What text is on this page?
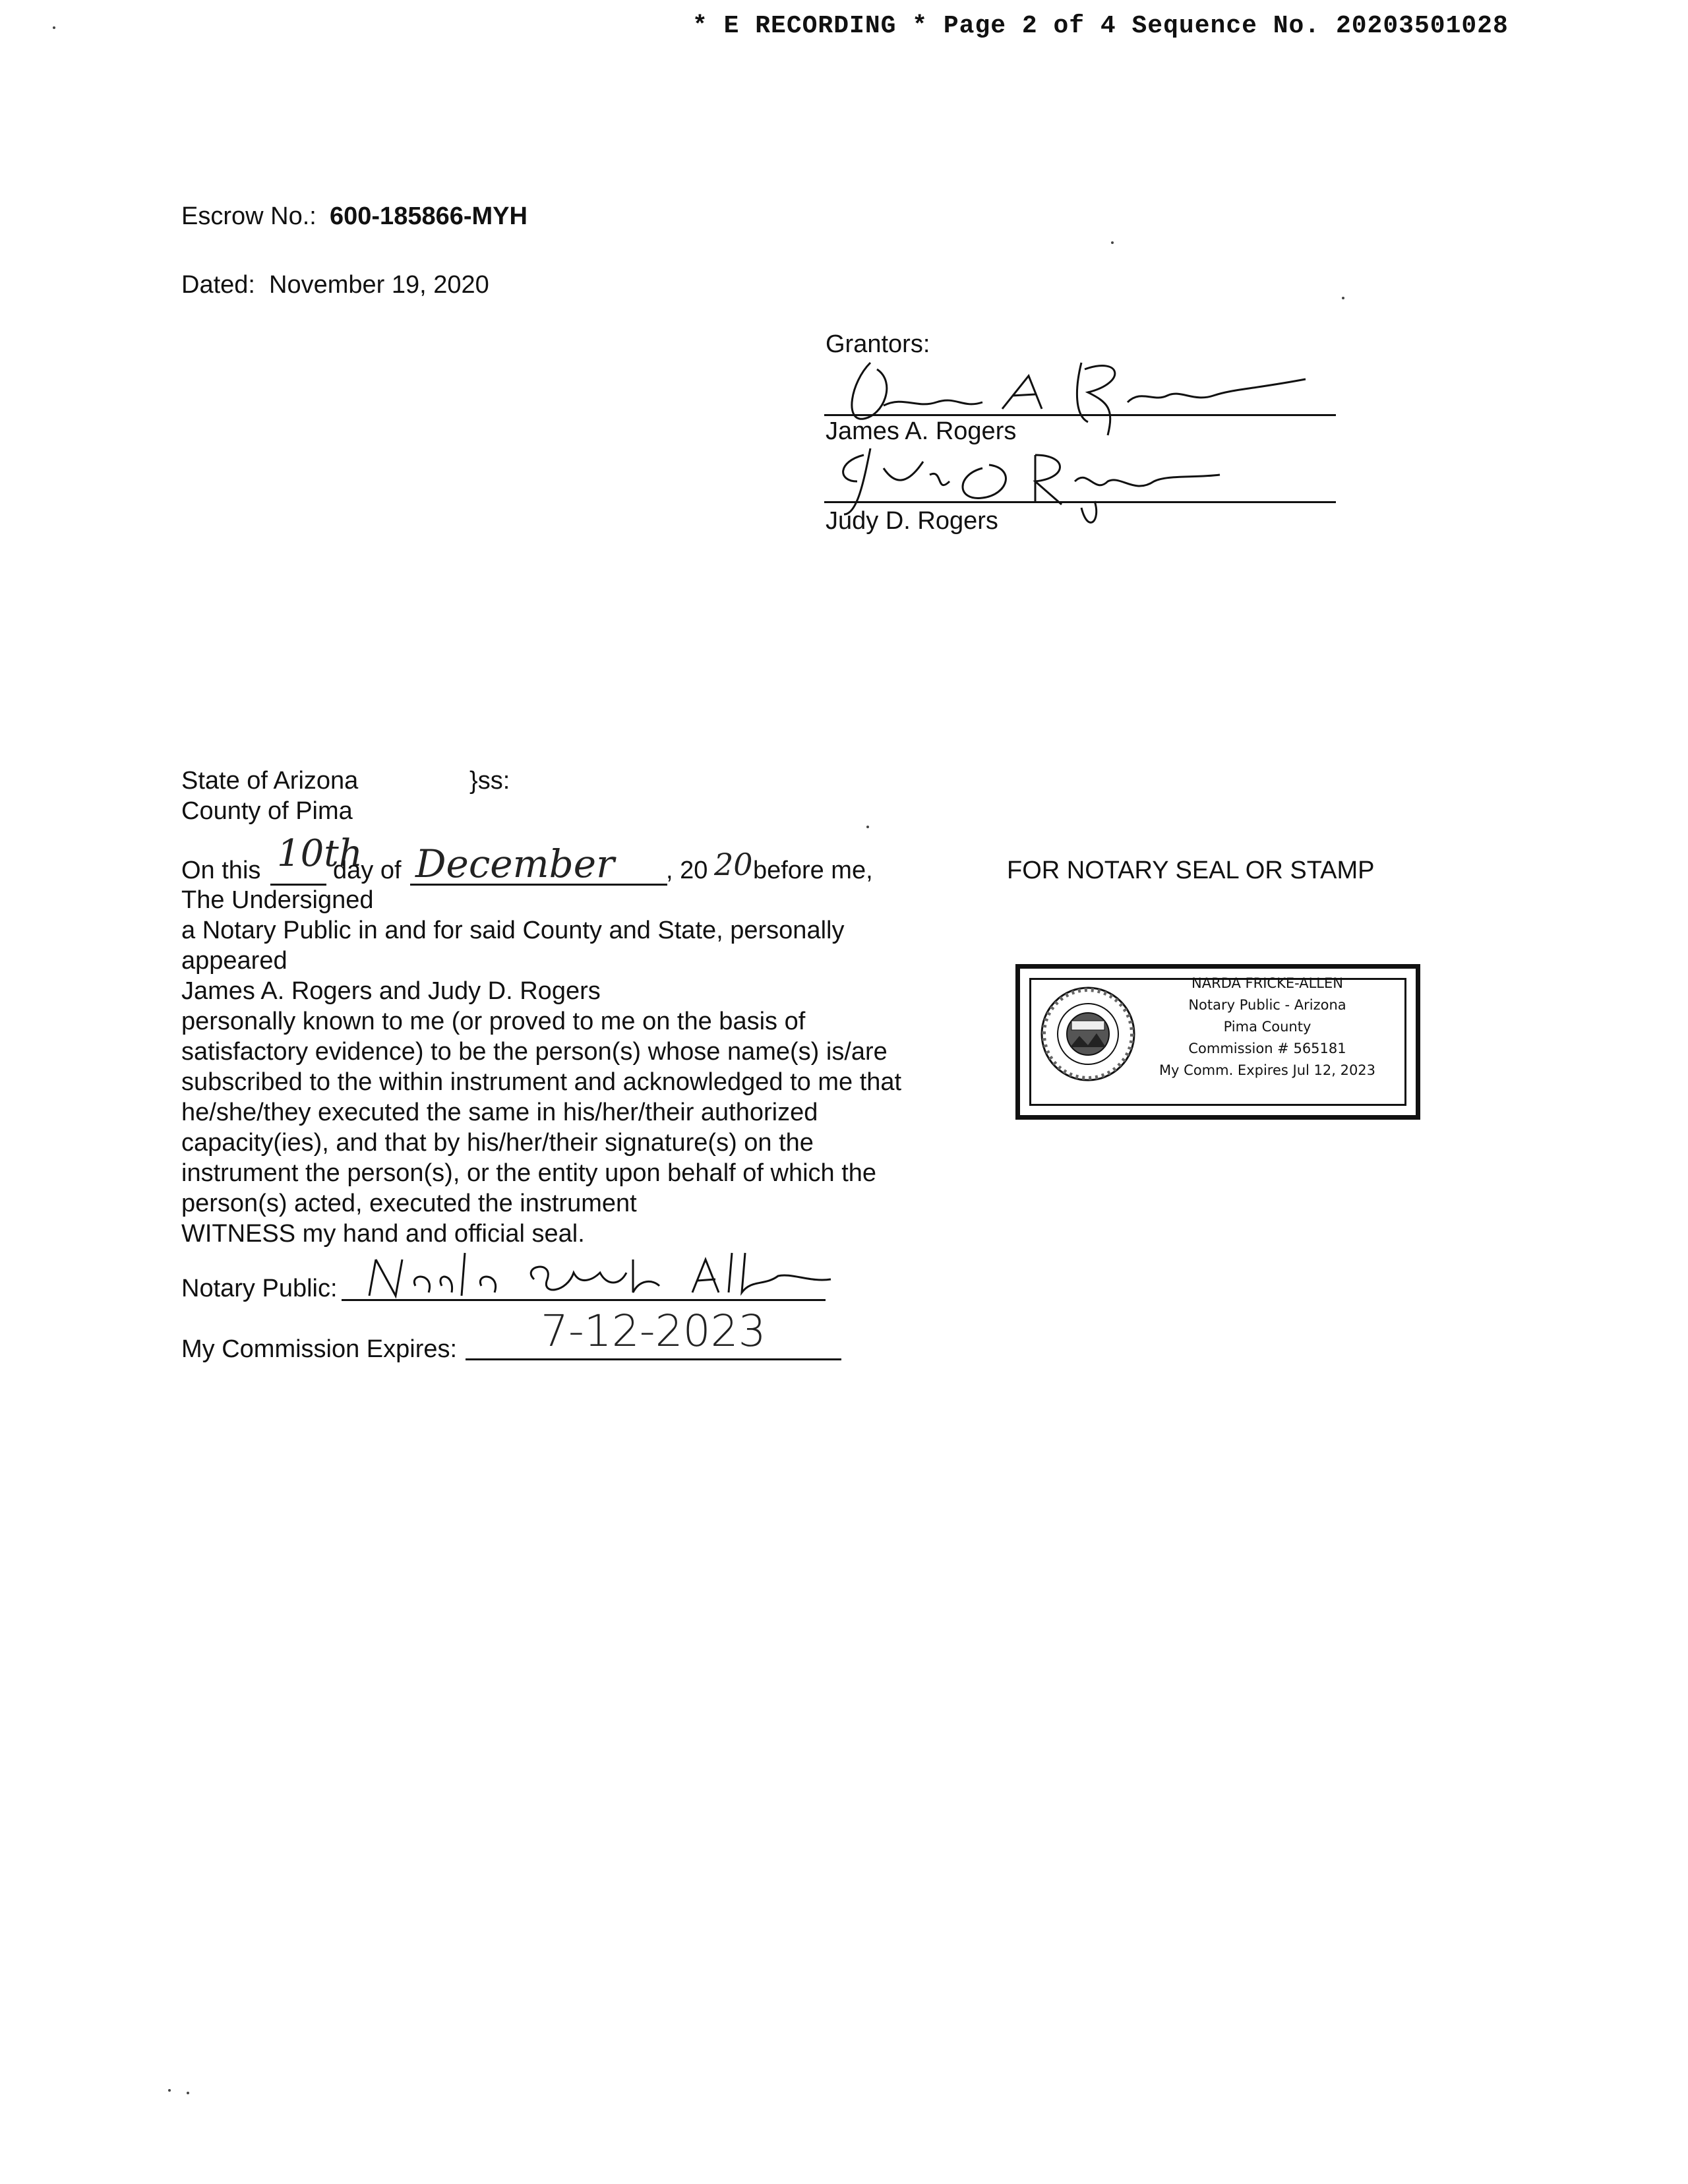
* E RECORDING * Page 2 of 4 Sequence No. 20203501028
Escrow No.: 600-185866-MYH
Dated: November 19, 2020
Grantors:
James A. Rogers
Judy D. Rogers
State of Arizona	}ss:
County of Pima
On this 10th
day of December , 20 20 before me,
The Undersigned
a Notary Public in and for said County and State, personally
appeared
James A. Rogers and Judy D. Rogers
personally known to me (or proved to me on the basis of
satisfactory evidence) to be the person(s) whose name(s) is/are
subscribed to the within instrument and acknowledged to me that
he/she/they executed the same in his/her/their authorized
capacity(ies), and that by his/her/their signature(s) on the
instrument the person(s), or the entity upon behalf of which the
person(s) acted, executed the instrument
WITNESS my hand and official seal.
Notary Public:
My Commission Expires: 7-12-2023
FOR NOTARY SEAL OR STAMP
NARDA FRICKE-ALLEN
Notary Public - Arizona
Pima County
Commission # 565181
My Comm. Expires Jul 12, 2023
